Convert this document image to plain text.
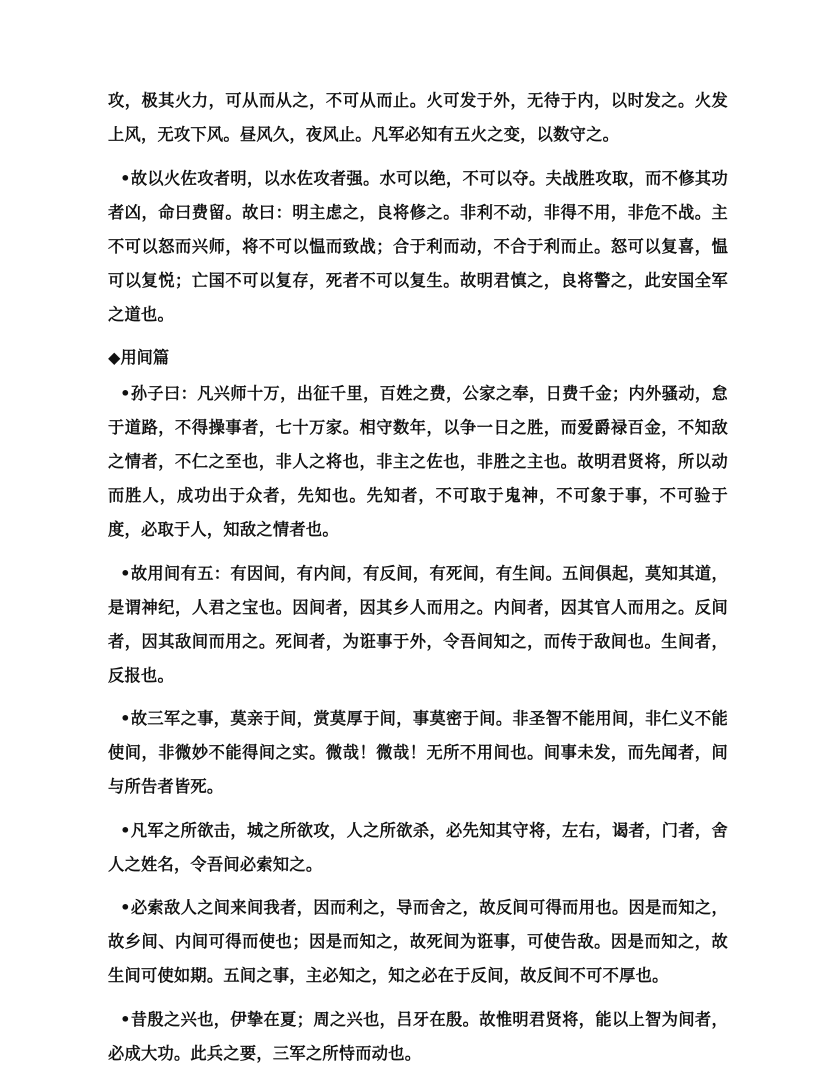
攻，极其火力，可从而从之，不可从而止。火可发于外，无待于内，以时发之。火发上风，无攻下风。昼风久，夜风止。凡军必知有五火之变，以数守之。

•故以火佐攻者明，以水佐攻者强。水可以绝，不可以夺。夫战胜攻取，而不修其功者凶，命曰费留。故曰：明主虑之，良将修之。非利不动，非得不用，非危不战。主不可以怒而兴师，将不可以愠而致战；合于利而动，不合于利而止。怒可以复喜，愠可以复悦；亡国不可以复存，死者不可以复生。故明君慎之，良将警之，此安国全军之道也。

◆用间篇

•孙子曰：凡兴师十万，出征千里，百姓之费，公家之奉，日费千金；内外骚动，怠于道路，不得操事者，七十万家。相守数年，以争一日之胜，而爱爵禄百金，不知敌之情者，不仁之至也，非人之将也，非主之佐也，非胜之主也。故明君贤将，所以动而胜人，成功出于众者，先知也。先知者，不可取于鬼神，不可象于事，不可验于度，必取于人，知敌之情者也。

•故用间有五：有因间，有内间，有反间，有死间，有生间。五间俱起，莫知其道，是谓神纪，人君之宝也。因间者，因其乡人而用之。内间者，因其官人而用之。反间者，因其敌间而用之。死间者，为诳事于外，令吾间知之，而传于敌间也。生间者，反报也。

•故三军之事，莫亲于间，赏莫厚于间，事莫密于间。非圣智不能用间，非仁义不能使间，非微妙不能得间之实。微哉！微哉！无所不用间也。间事未发，而先闻者，间与所告者皆死。

•凡军之所欲击，城之所欲攻，人之所欲杀，必先知其守将，左右，谒者，门者，舍人之姓名，令吾间必索知之。

•必索敌人之间来间我者，因而利之，导而舍之，故反间可得而用也。因是而知之，故乡间、内间可得而使也；因是而知之，故死间为诳事，可使告敌。因是而知之，故生间可使如期。五间之事，主必知之，知之必在于反间，故反间不可不厚也。

•昔殷之兴也，伊挚在夏；周之兴也，吕牙在殷。故惟明君贤将，能以上智为间者，必成大功。此兵之要，三军之所恃而动也。
